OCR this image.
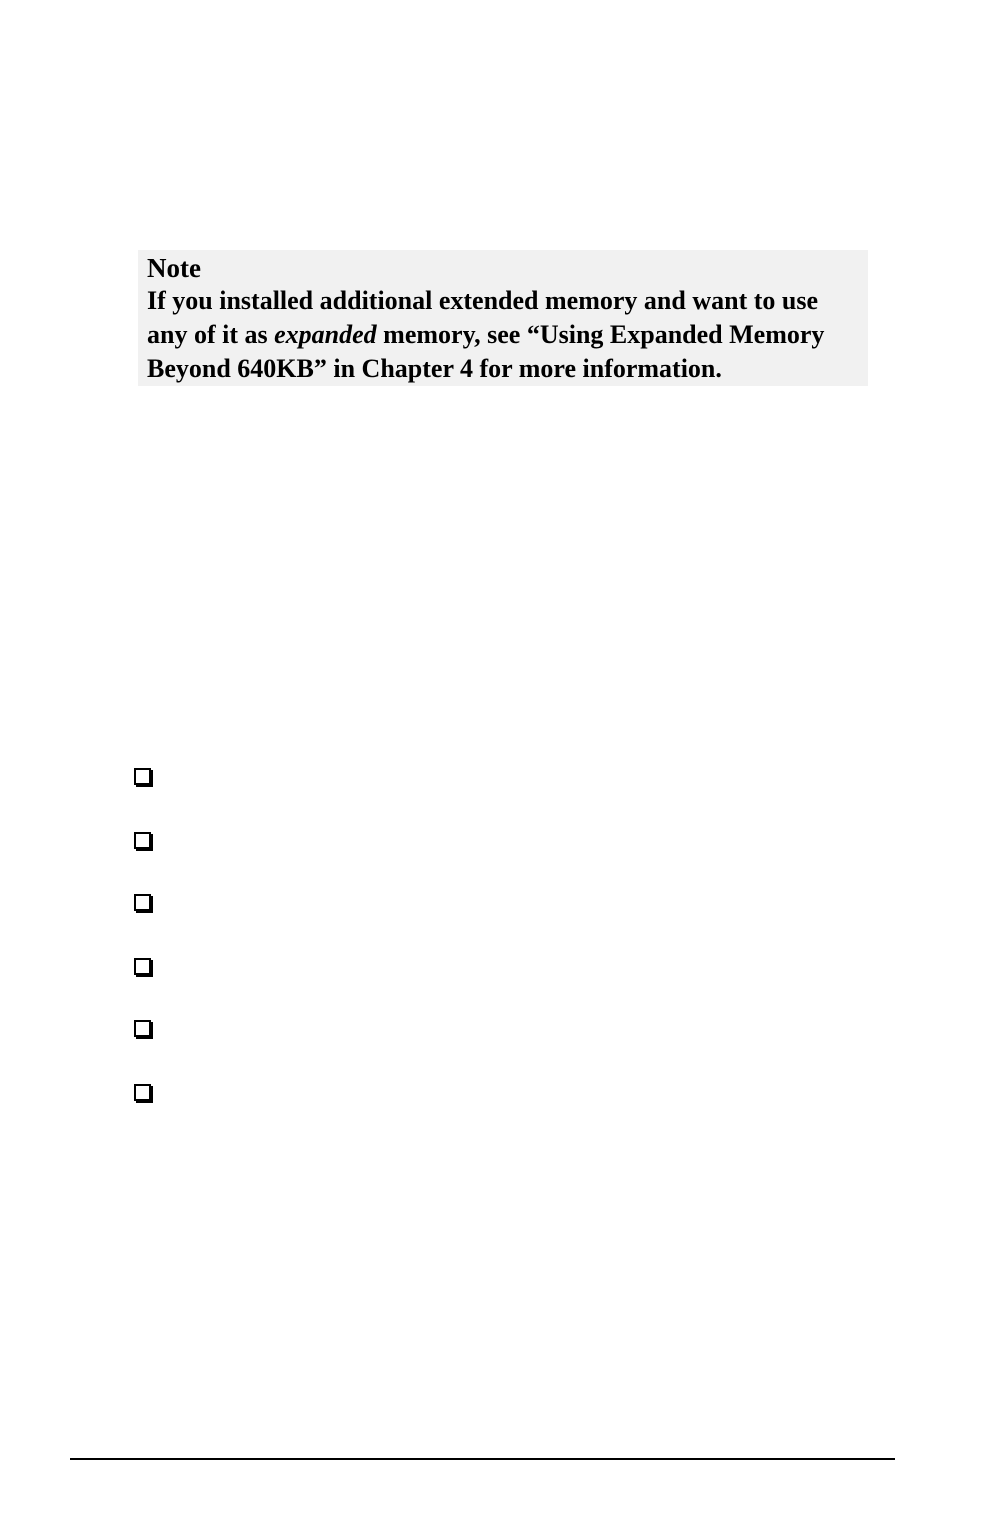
Note
If you installed additional extended memory and want to use
any of it as expanded memory, see “Using Expanded Memory
Beyond 640KB” in Chapter 4 for more information.
